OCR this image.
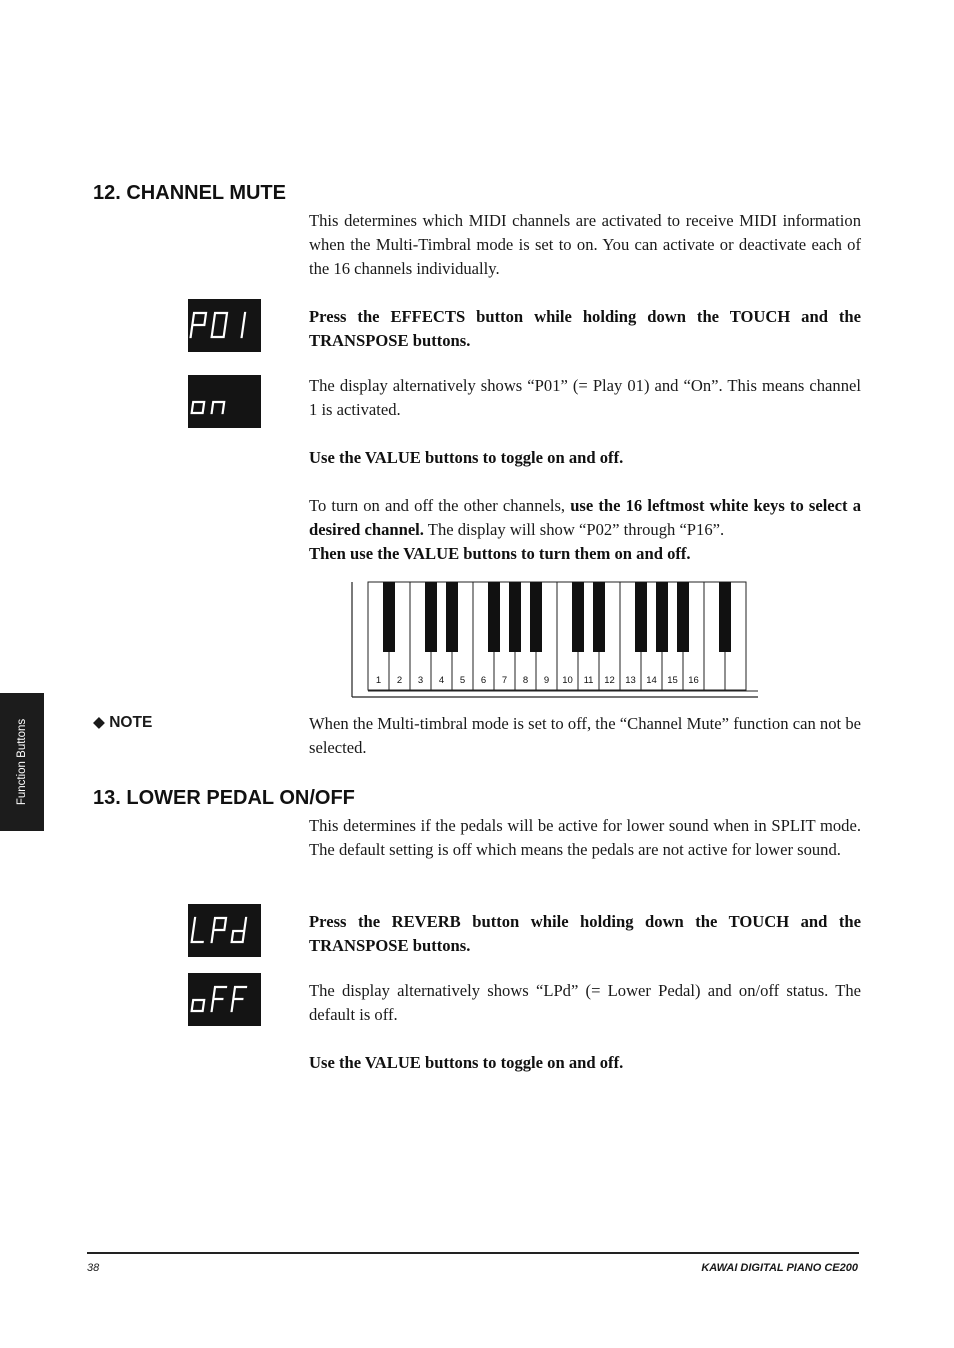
12. CHANNEL MUTE

This determines which MIDI channels are activated to receive MIDI information when the Multi-Timbral mode is set to on. You can activate or deactivate each of the 16 channels individually.

Press the EFFECTS button while holding down the TOUCH and the TRANSPOSE buttons.

The display alternatively shows “P01” (= Play 01) and “On”. This means channel 1 is activated.

Use the VALUE buttons to toggle on and off.

To turn on and off the other channels, use the 16 leftmost white keys to select a desired channel. The display will show “P02” through “P16”.
Then use the VALUE buttons to turn them on and off.

1 2 3 4 5 6 7 8 9 10 11 12 13 14 15 16
◆ NOTE	When the Multi-timbral mode is set to off, the “Channel Mute” function can not be selected.

13. LOWER PEDAL ON/OFF

This determines if the pedals will be active for lower sound when in SPLIT mode. The default setting is off which means the pedals are not active for lower sound.

Press the REVERB button while holding down the TOUCH and the TRANSPOSE buttons.

The display alternatively shows “LPd” (= Lower Pedal) and on/off status. The default is off.

Use the VALUE buttons to toggle on and off.

Function Buttons
38	KAWAI DIGITAL PIANO CE200
